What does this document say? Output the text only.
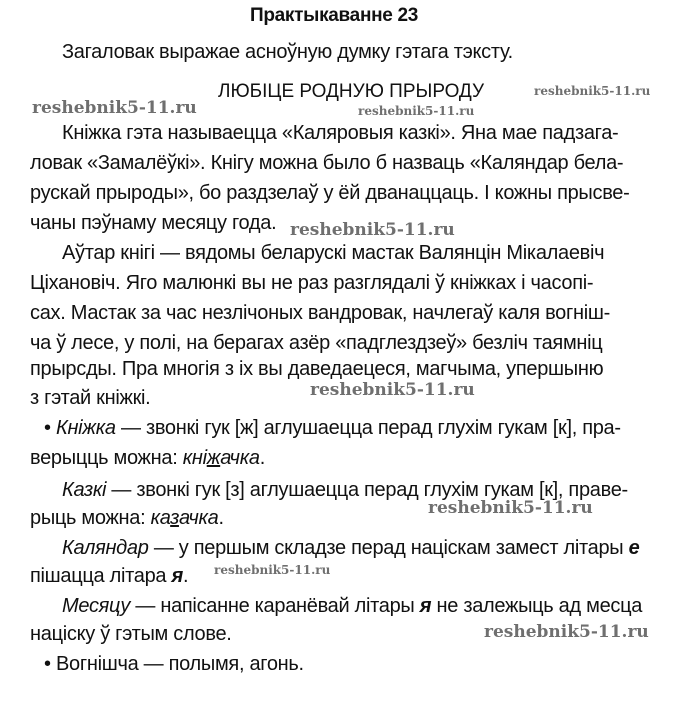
Практыкаванне 23
Загаловак выражае асноўную думку гэтага тэксту.
ЛЮБІЦЕ РОДНУЮ ПРЫРОДУ
Кніжка гэта называецца «Каляровыя казкі». Яна мае падзага-
ловак «Замалёўкі». Кнігу можна было б назваць «Каляндар бела-
рускай прыроды», бо раздзелаў у ёй дванаццаць. І кожны прысве-
чаны пэўнаму месяцу года.
Аўтар кнігі — вядомы беларускі мастак Валянцін Мікалаевіч
Ціхановіч. Яго малюнкі вы не раз разглядалі ў кніжках і часопі-
сах. Мастак за час незлічоных вандровак, начлегаў каля вогніш-
ча ў лесе, у полі, на берагах азёр «падглездзеў» безліч таямніц
прырсды. Пра многія з іх вы даведаецеся, магчыма, упершыню
з гэтай кніжкі.
• Кніжка — звонкі гук [ж] аглушаецца перад глухім гукам [к], пра-
верыцць можна: кніжачка.
Казкі — звонкі гук [з] аглушаецца перад глухім гукам [к], праве-
рыць можна: казачка.
Каляндар — у першым складзе перад націскам замест літары е
пішацца літара я.
Месяцу — напісанне каранёвай літары я не залежыць ад месца
націску ў гэтым слове.
• Вогнішча — полымя, агонь.
reshebnik5-11.ru	reshebnik5-11.ru
reshebnik5-11.ru
reshebnik5-11.ru
reshebnik5-11.ru
reshebnik5-11.ru
reshebnik5-11.ru
reshebnik5-11.ru
